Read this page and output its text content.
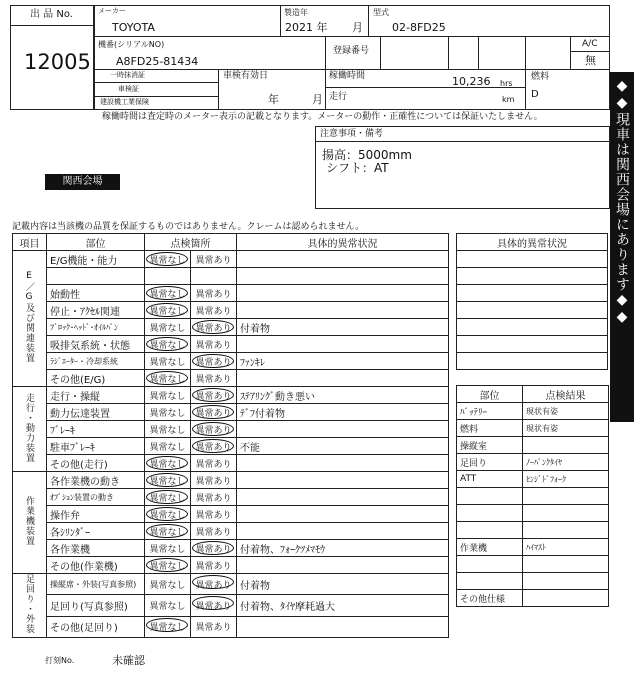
出 品 No.
12005
メーカー
TOYOTA
製造年
2021 年 月
型式
02-8FD25
機番(シリアルNO)
A8FD25-81434
登録番号
A/C
無
一時抹消証
車検証
建設機工業保険
車検有効日
年	月
稼働時間	10,236 hrs
走行	km
燃料
D
稼働時間は査定時のメーター表示の記載となります。メーターの動作・正確性については保証いたしません。
注意事項・備考
揚高：5000mm
シフト：AT
関西会場	◆◆現車は関西会場にあります◆◆
記載内容は当該機の品質を保証するものではありません。クレームは認められません。
項目	部位	点検箇所		具体的異常状況
E／G及び関連装置	E/G機能・能力	異常なし	異常あり	

	始動性	異常なし	異常あり	
	停止・ｱｸｾﾙ関連	異常なし	異常あり	
	ﾌﾞﾛｯｸ･ﾍｯﾄﾞ･ｵｲﾙﾊﾟﾝ	異常なし	異常あり	付着物
	吸排気系統・状態	異常なし	異常あり	
	ﾗｼﾞｴｰﾀｰ・冷却系統	異常なし	異常あり	ﾌｧﾝｷﾚ
	その他(E/G)	異常なし	異常あり	
走行・動力装置	走行・操縦	異常なし	異常あり	ｽﾃｱﾘﾝｸﾞ動き悪い
	動力伝達装置	異常なし	異常あり	ﾃﾞﾌ付着物
	ﾌﾞﾚｰｷ	異常なし	異常あり

	駐車ﾌﾞﾚｰｷ	異常なし	異常あり	不能
	その他(走行)	異常なし	異常あり	
作業機装置	各作業機の動き	異常なし	異常あり	
	ｵﾌﾟｼｮﾝ装置の動き	異常なし	異常あり	
	操作弁	異常なし	異常あり	
	各ｼﾘﾝﾀﾞｰ	異常なし	異常あり	
	各作業機	異常なし	異常あり	付着物、ﾌｫｰｸﾂﾒﾏﾓｳ
	その他(作業機)	異常なし	異常あり	
足回り・外装	操縦席・外装(写真参照)	異常なし	異常あり	付着物
	足回り(写真参照)	異常なし	異常あり	付着物、ﾀｲﾔ摩耗過大
	その他(足回り)	異常なし	異常あり	
具体的異常状況

部位	点検結果
ﾊﾞｯﾃﾘｰ	現状有姿
燃料	現状有姿
操縦室	
足回り	ﾉｰﾊﾟﾝｸﾀｲﾔ
ATT	ﾋﾝｼﾞﾄﾞﾌｫｰｸ

作業機	ﾊｲﾏｽﾄ

その他仕様	
打刻No.	未確認
